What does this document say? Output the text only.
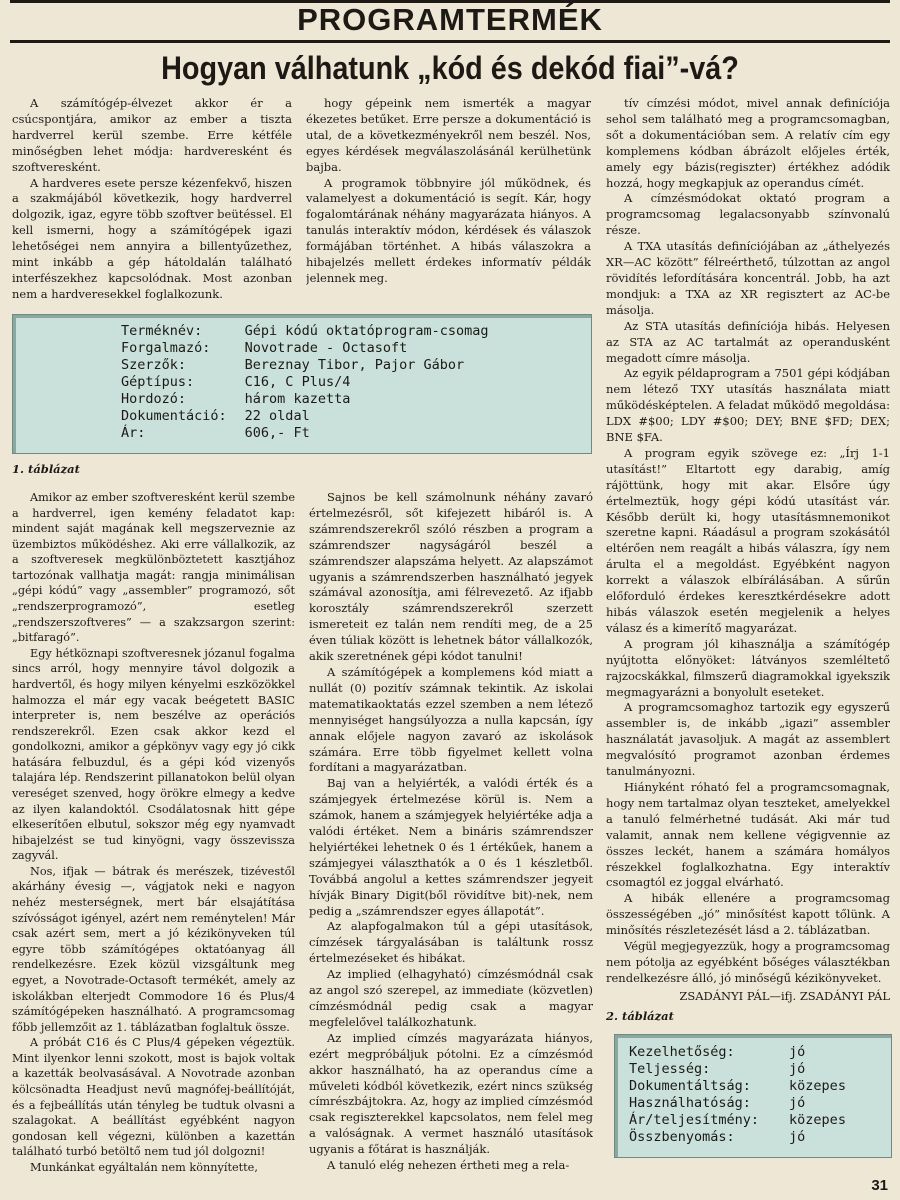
PROGRAMTERMÉK
Hogyan válhatunk „kód és dekód fiai”-vá?

A számítógép-élvezet akkor ér a csúcspontjára, amikor az ember a tiszta hardverrel kerül szembe. Erre kétféle minőségben lehet módja: hardveresként és szoftveresként.

A hardveres esete persze kézenfekvő, hiszen a szakmájából következik, hogy hardverrel dolgozik, igaz, egyre több szoftver beütéssel. El kell ismerni, hogy a számítógépek igazi lehetőségei nem annyira a billentyűzethez, mint inkább a gép hátoldalán található interfészekhez kapcsolódnak. Most azonban nem a hardveresekkel foglalkozunk.

hogy gépeink nem ismerték a magyar ékezetes betűket. Erre persze a dokumentáció is utal, de a következményekről nem beszél. Nos, egyes kérdések megválaszolásánál kerülhetünk bajba.

A programok többnyire jól működnek, és valamelyest a dokumentáció is segít. Kár, hogy fogalomtárának néhány magyarázata hiányos. A tanulás interaktív módon, kérdések és válaszok formájában történhet. A hibás válaszokra a hibajelzés mellett érdekes informatív példák jelennek meg.

Terméknév:	Gépi kódú oktatóprogram-csomag
Forgalmazó:	Novotrade - Octasoft
Szerzők:	Bereznay Tibor, Pajor Gábor
Géptípus:	C16, C Plus/4
Hordozó:	három kazetta
Dokumentáció:	22 oldal
Ár:	606,- Ft
1. táblázat

Amikor az ember szoftveresként kerül szembe a hardverrel, igen kemény feladatot kap: mindent saját magának kell megszerveznie az üzembiztos működéshez. Aki erre vállalkozik, az a szoftveresek megkülönböztetett kasztjához tartozónak vallhatja magát: rangja minimálisan „gépi kódú” vagy „assembler” programozó, sőt „rendszerprogramozó”, esetleg „rendszerszoftveres” — a szakzsargon szerint: „bitfaragó”.

Egy hétköznapi szoftveresnek józanul fogalma sincs arról, hogy mennyire távol dolgozik a hardvertől, és hogy milyen kényelmi eszközökkel halmozza el már egy vacak beégetett BASIC interpreter is, nem beszélve az operációs rendszerekről. Ezen csak akkor kezd el gondolkozni, amikor a gépkönyv vagy egy jó cikk hatására felbuzdul, és a gépi kód vizenyős talajára lép. Rendszerint pillanatokon belül olyan vereséget szenved, hogy örökre elmegy a kedve az ilyen kalandoktól. Csodálatosnak hitt gépe elkeserítően elbutul, sokszor még egy nyamvadt hibajelzést se tud kinyögni, vagy összevissza zagyvál.

Nos, ifjak — bátrak és merészek, tizévestől akárhány évesig —, vágjatok neki e nagyon nehéz mesterségnek, mert bár elsajátítása szívósságot igényel, azért nem reménytelen! Már csak azért sem, mert a jó kézikönyveken túl egyre több számítógépes oktatóanyag áll rendelkezésre. Ezek közül vizsgáltunk meg egyet, a Novotrade-Octasoft termékét, amely az iskolákban elterjedt Commodore 16 és Plus/4 számítógépeken használható. A programcsomag főbb jellemzőit az 1. táblázatban foglaltuk össze.

A próbát C16 és C Plus/4 gépeken végeztük. Mint ilyenkor lenni szokott, most is bajok voltak a kazetták beolvasásával. A Novotrade azonban kölcsönadta Headjust nevű magnófej-beállítóját, és a fejbeállítás után tényleg be tudtuk olvasni a szalagokat. A beállítást egyébként nagyon gondosan kell végezni, különben a kazettán található turbó betöltő nem tud jól dolgozni!

Munkánkat egyáltalán nem könnyítette,

Sajnos be kell számolnunk néhány zavaró értelmezésről, sőt kifejezett hibáról is. A számrendszerekről szóló részben a program a számrendszer nagyságáról beszél a számrendszer alapszáma helyett. Az alapszámot ugyanis a számrendszerben használható jegyek számával azonosítja, ami félrevezető. Az ifjabb korosztály számrendszerekről szerzett ismereteit ez talán nem rendíti meg, de a 25 éven túliak között is lehetnek bátor vállalkozók, akik szeretnének gépi kódot tanulni!

A számítógépek a komplemens kód miatt a nullát (0) pozitív számnak tekintik. Az iskolai matematikaoktatás ezzel szemben a nem létező mennyiséget hangsúlyozza a nulla kapcsán, így annak előjele nagyon zavaró az iskolások számára. Erre több figyelmet kellett volna fordítani a magyarázatban.

Baj van a helyiérték, a valódi érték és a számjegyek értelmezése körül is. Nem a számok, hanem a számjegyek helyiértéke adja a valódi értéket. Nem a bináris számrendszer helyiértékei lehetnek 0 és 1 értékűek, hanem a számjegyei választhatók a 0 és 1 készletből. Továbbá angolul a kettes számrendszer jegyeit hívják Binary Digit(ből rövidítve bit)-nek, nem pedig a „számrendszer egyes állapotát”.

Az alapfogalmakon túl a gépi utasítások, címzések tárgyalásában is találtunk rossz értelmezéseket és hibákat.

Az implied (elhagyható) címzésmódnál csak az angol szó szerepel, az immediate (közvetlen) címzésmódnál pedig csak a magyar megfelelővel találkozhatunk.

Az implied címzés magyarázata hiányos, ezért megpróbáljuk pótolni. Ez a címzésmód akkor használható, ha az operandus címe a műveleti kódból következik, ezért nincs szükség címrészbájtokra. Az, hogy az implied címzésmód csak regiszterekkel kapcsolatos, nem felel meg a valóságnak. A vermet használó utasítások ugyanis a főtárat is használják.

A tanuló elég nehezen értheti meg a rela-

tív címzési módot, mivel annak definíciója sehol sem található meg a programcsomagban, sőt a dokumentációban sem. A relatív cím egy komplemens kódban ábrázolt előjeles érték, amely egy bázis(regiszter) értékhez adódik hozzá, hogy megkapjuk az operandus címét.

A címzésmódokat oktató program a programcsomag legalacsonyabb színvonalú része.

A TXA utasítás definíciójában az „áthelyezés XR—AC között” félreérthető, túlzottan az angol rövidítés lefordítására koncentrál. Jobb, ha azt mondjuk: a TXA az XR regisztert az AC-be másolja.

Az STA utasítás definíciója hibás. Helyesen az STA az AC tartalmát az operandusként megadott címre másolja.

Az egyik példaprogram a 7501 gépi kódjában nem létező TXY utasítás használata miatt működésképtelen. A feladat működő megoldása: LDX #$00; LDY #$00; DEY; BNE $FD; DEX; BNE $FA.

A program egyik szövege ez: „Írj 1-1 utasítást!” Eltartott egy darabig, amíg rájöttünk, hogy mit akar. Elsőre úgy értelmeztük, hogy gépi kódú utasítást vár. Később derült ki, hogy utasításmnemonikot szeretne kapni. Ráadásul a program szokásától eltérően nem reagált a hibás válaszra, így nem árulta el a megoldást. Egyébként nagyon korrekt a válaszok elbírálásában. A sűrűn előforduló érdekes keresztkérdésekre adott hibás válaszok esetén megjelenik a helyes válasz és a kimerítő magyarázat.

A program jól kihasználja a számítógép nyújtotta előnyöket: látványos szemléltető rajzocskákkal, filmszerű diagramokkal igyekszik megmagyarázni a bonyolult eseteket.

A programcsomaghoz tartozik egy egyszerű assembler is, de inkább „igazi” assembler használatát javasoljuk. A magát az assemblert megvalósító programot azonban érdemes tanulmányozni.

Hiányként róható fel a programcsomagnak, hogy nem tartalmaz olyan teszteket, amelyekkel a tanuló felmérhetné tudását. Aki már tud valamit, annak nem kellene végigvennie az összes leckét, hanem a számára homályos részekkel foglalkozhatna. Egy interaktív csomagtól ez joggal elvárható.

A hibák ellenére a programcsomag összességében „jó” minősítést kapott tőlünk. A minősítés részletezését lásd a 2. táblázatban.

Végül megjegyezzük, hogy a programcsomag nem pótolja az egyébként bőséges választékban rendelkezésre álló, jó minőségű kézikönyveket.

ZSADÁNYI PÁL—ifj. ZSADÁNYI PÁL

2. táblázat
Kezelhetőség:	jó
Teljesség:	jó
Dokumentáltság:	közepes
Használhatóság:	jó
Ár/teljesítmény:	közepes
Összbenyomás:	jó
31
